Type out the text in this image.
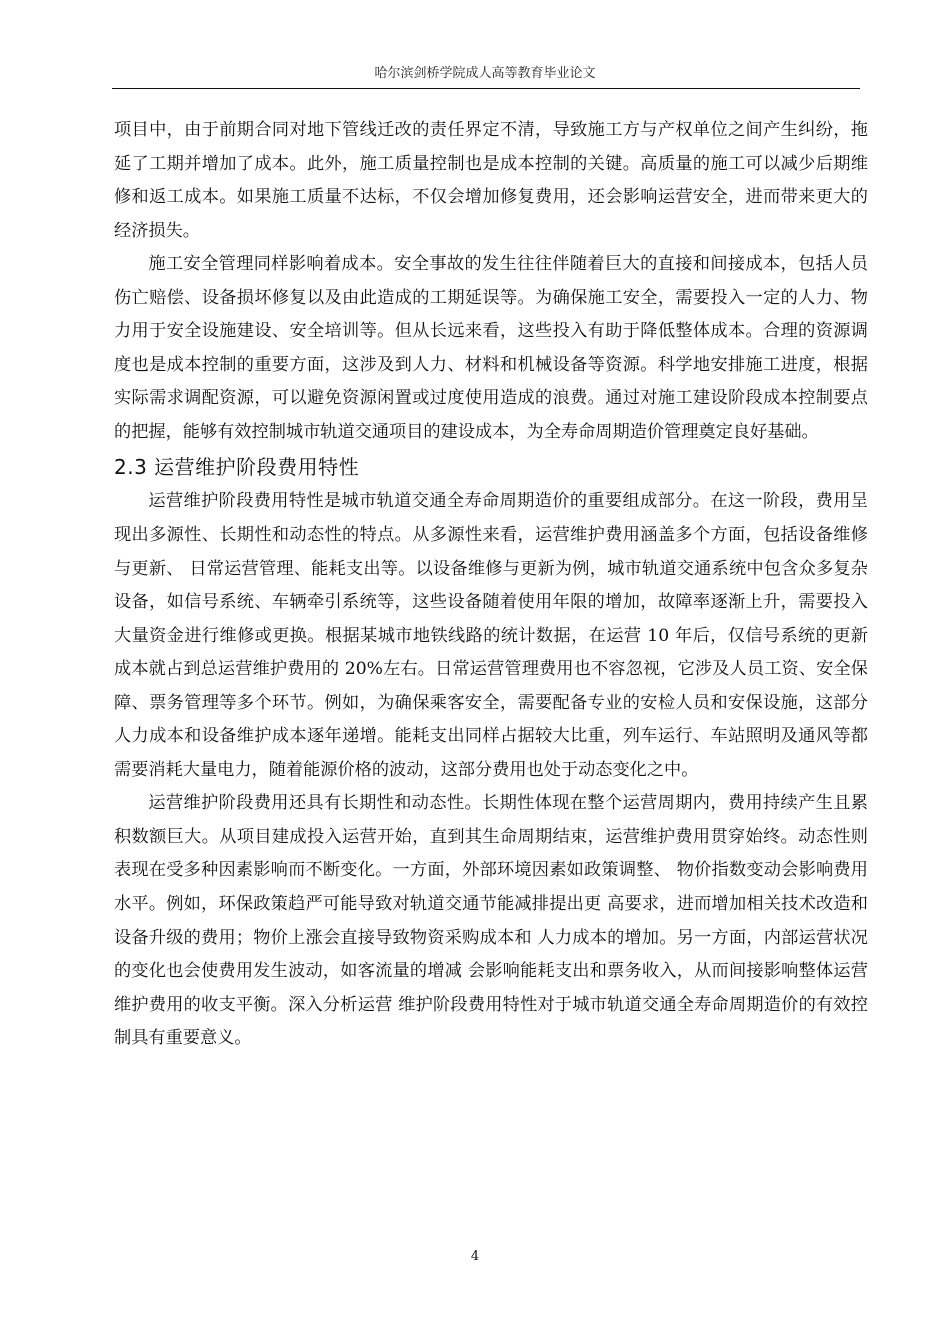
哈尔滨剑桥学院成人高等教育毕业论文

项目中，由于前期合同对地下管线迁改的责任界定不清，导致施工方与产权单位之间产生纠纷，拖延了工期并增加了成本。此外，施工质量控制也是成本控制的关键。高质量的施工可以减少后期维修和返工成本。如果施工质量不达标，不仅会增加修复费用，还会影响运营安全，进而带来更大的经济损失。

施工安全管理同样影响着成本。安全事故的发生往往伴随着巨大的直接和间接成本，包括人员伤亡赔偿、设备损坏修复以及由此造成的工期延误等。为确保施工安全，需要投入一定的人力、物力用于安全设施建设、安全培训等。但从长远来看，这些投入有助于降低整体成本。合理的资源调度也是成本控制的重要方面，这涉及到人力、材料和机械设备等资源。科学地安排施工进度，根据实际需求调配资源，可以避免资源闲置或过度使用造成的浪费。通过对施工建设阶段成本控制要点的把握，能够有效控制城市轨道交通项目的建设成本，为全寿命周期造价管理奠定良好基础。

2.3 运营维护阶段费用特性

运营维护阶段费用特性是城市轨道交通全寿命周期造价的重要组成部分。在这一阶段，费用呈现出多源性、长期性和动态性的特点。从多源性来看，运营维护费用涵盖多个方面，包括设备维修与更新、 日常运营管理、能耗支出等。以设备维修与更新为例，城市轨道交通系统中包含众多复杂设备，如信号系统、车辆牵引系统等，这些设备随着使用年限的增加，故障率逐渐上升，需要投入大量资金进行维修或更换。根据某城市地铁线路的统计数据，在运营 10 年后，仅信号系统的更新成本就占到总运营维护费用的 20%左右。日常运营管理费用也不容忽视，它涉及人员工资、安全保障、票务管理等多个环节。例如，为确保乘客安全，需要配备专业的安检人员和安保设施，这部分人力成本和设备维护成本逐年递增。能耗支出同样占据较大比重，列车运行、车站照明及通风等都需要消耗大量电力，随着能源价格的波动，这部分费用也处于动态变化之中。

运营维护阶段费用还具有长期性和动态性。长期性体现在整个运营周期内，费用持续产生且累积数额巨大。从项目建成投入运营开始，直到其生命周期结束，运营维护费用贯穿始终。动态性则表现在受多种因素影响而不断变化。一方面，外部环境因素如政策调整、 物价指数变动会影响费用水平。例如，环保政策趋严可能导致对轨道交通节能减排提出更 高要求，进而增加相关技术改造和设备升级的费用；物价上涨会直接导致物资采购成本和 人力成本的增加。另一方面，内部运营状况的变化也会使费用发生波动，如客流量的增减 会影响能耗支出和票务收入，从而间接影响整体运营维护费用的收支平衡。深入分析运营 维护阶段费用特性对于城市轨道交通全寿命周期造价的有效控制具有重要意义。

4
